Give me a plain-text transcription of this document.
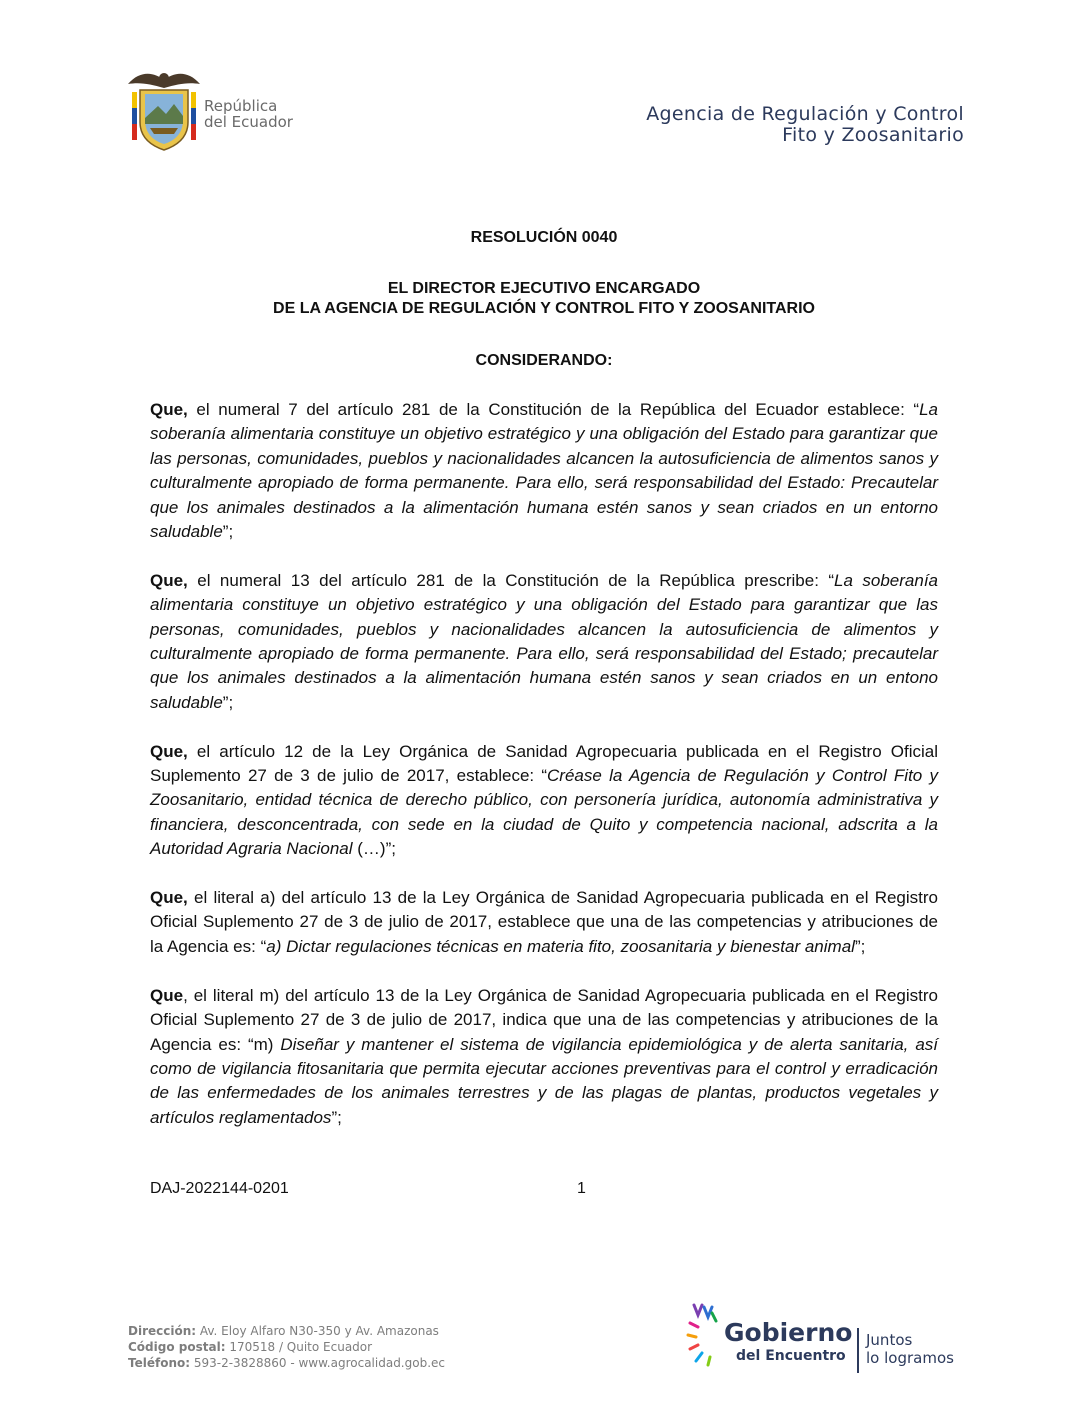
República
del Ecuador	Agencia de Regulación y Control
Fito y Zoosanitario
RESOLUCIÓN 0040
EL DIRECTOR EJECUTIVO ENCARGADO
DE LA AGENCIA DE REGULACIÓN Y CONTROL FITO Y ZOOSANITARIO
CONSIDERANDO:

Que, el numeral 7 del artículo 281 de la Constitución de la República del Ecuador establece: “La soberanía alimentaria constituye un objetivo estratégico y una obligación del Estado para garantizar que las personas, comunidades, pueblos y nacionalidades alcancen la autosuficiencia de alimentos sanos y culturalmente apropiado de forma permanente. Para ello, será responsabilidad del Estado: Precautelar que los animales destinados a la alimentación humana estén sanos y sean criados en un entorno saludable”;

Que, el numeral 13 del artículo 281 de la Constitución de la República prescribe: “La soberanía alimentaria constituye un objetivo estratégico y una obligación del Estado para garantizar que las personas, comunidades, pueblos y nacionalidades alcancen la autosuficiencia de alimentos y culturalmente apropiado de forma permanente. Para ello, será responsabilidad del Estado; precautelar que los animales destinados a la alimentación humana estén sanos y sean criados en un entono saludable”;

Que, el artículo 12 de la Ley Orgánica de Sanidad Agropecuaria publicada en el Registro Oficial Suplemento 27 de 3 de julio de 2017, establece: “Créase la Agencia de Regulación y Control Fito y Zoosanitario, entidad técnica de derecho público, con personería jurídica, autonomía administrativa y financiera, desconcentrada, con sede en la ciudad de Quito y competencia nacional, adscrita a la Autoridad Agraria Nacional (…)”;

Que, el literal a) del artículo 13 de la Ley Orgánica de Sanidad Agropecuaria publicada en el Registro Oficial Suplemento 27 de 3 de julio de 2017, establece que una de las competencias y atribuciones de la Agencia es: “a) Dictar regulaciones técnicas en materia fito, zoosanitaria y bienestar animal”;

Que, el literal m) del artículo 13 de la Ley Orgánica de Sanidad Agropecuaria publicada en el Registro Oficial Suplemento 27 de 3 de julio de 2017, indica que una de las competencias y atribuciones de la Agencia es: “m) Diseñar y mantener el sistema de vigilancia epidemiológica y de alerta sanitaria, así como de vigilancia fitosanitaria que permita ejecutar acciones preventivas para el control y erradicación de las enfermedades de los animales terrestres y de las plagas de plantas, productos vegetales y artículos reglamentados”;

DAJ-2022144-0201	1
Dirección: Av. Eloy Alfaro N30-350 y Av. Amazonas
Código postal: 170518 / Quito Ecuador
Teléfono: 593-2-3828860 - www.agrocalidad.gob.ec
Gobierno
del Encuentro
Juntos
lo logramos
